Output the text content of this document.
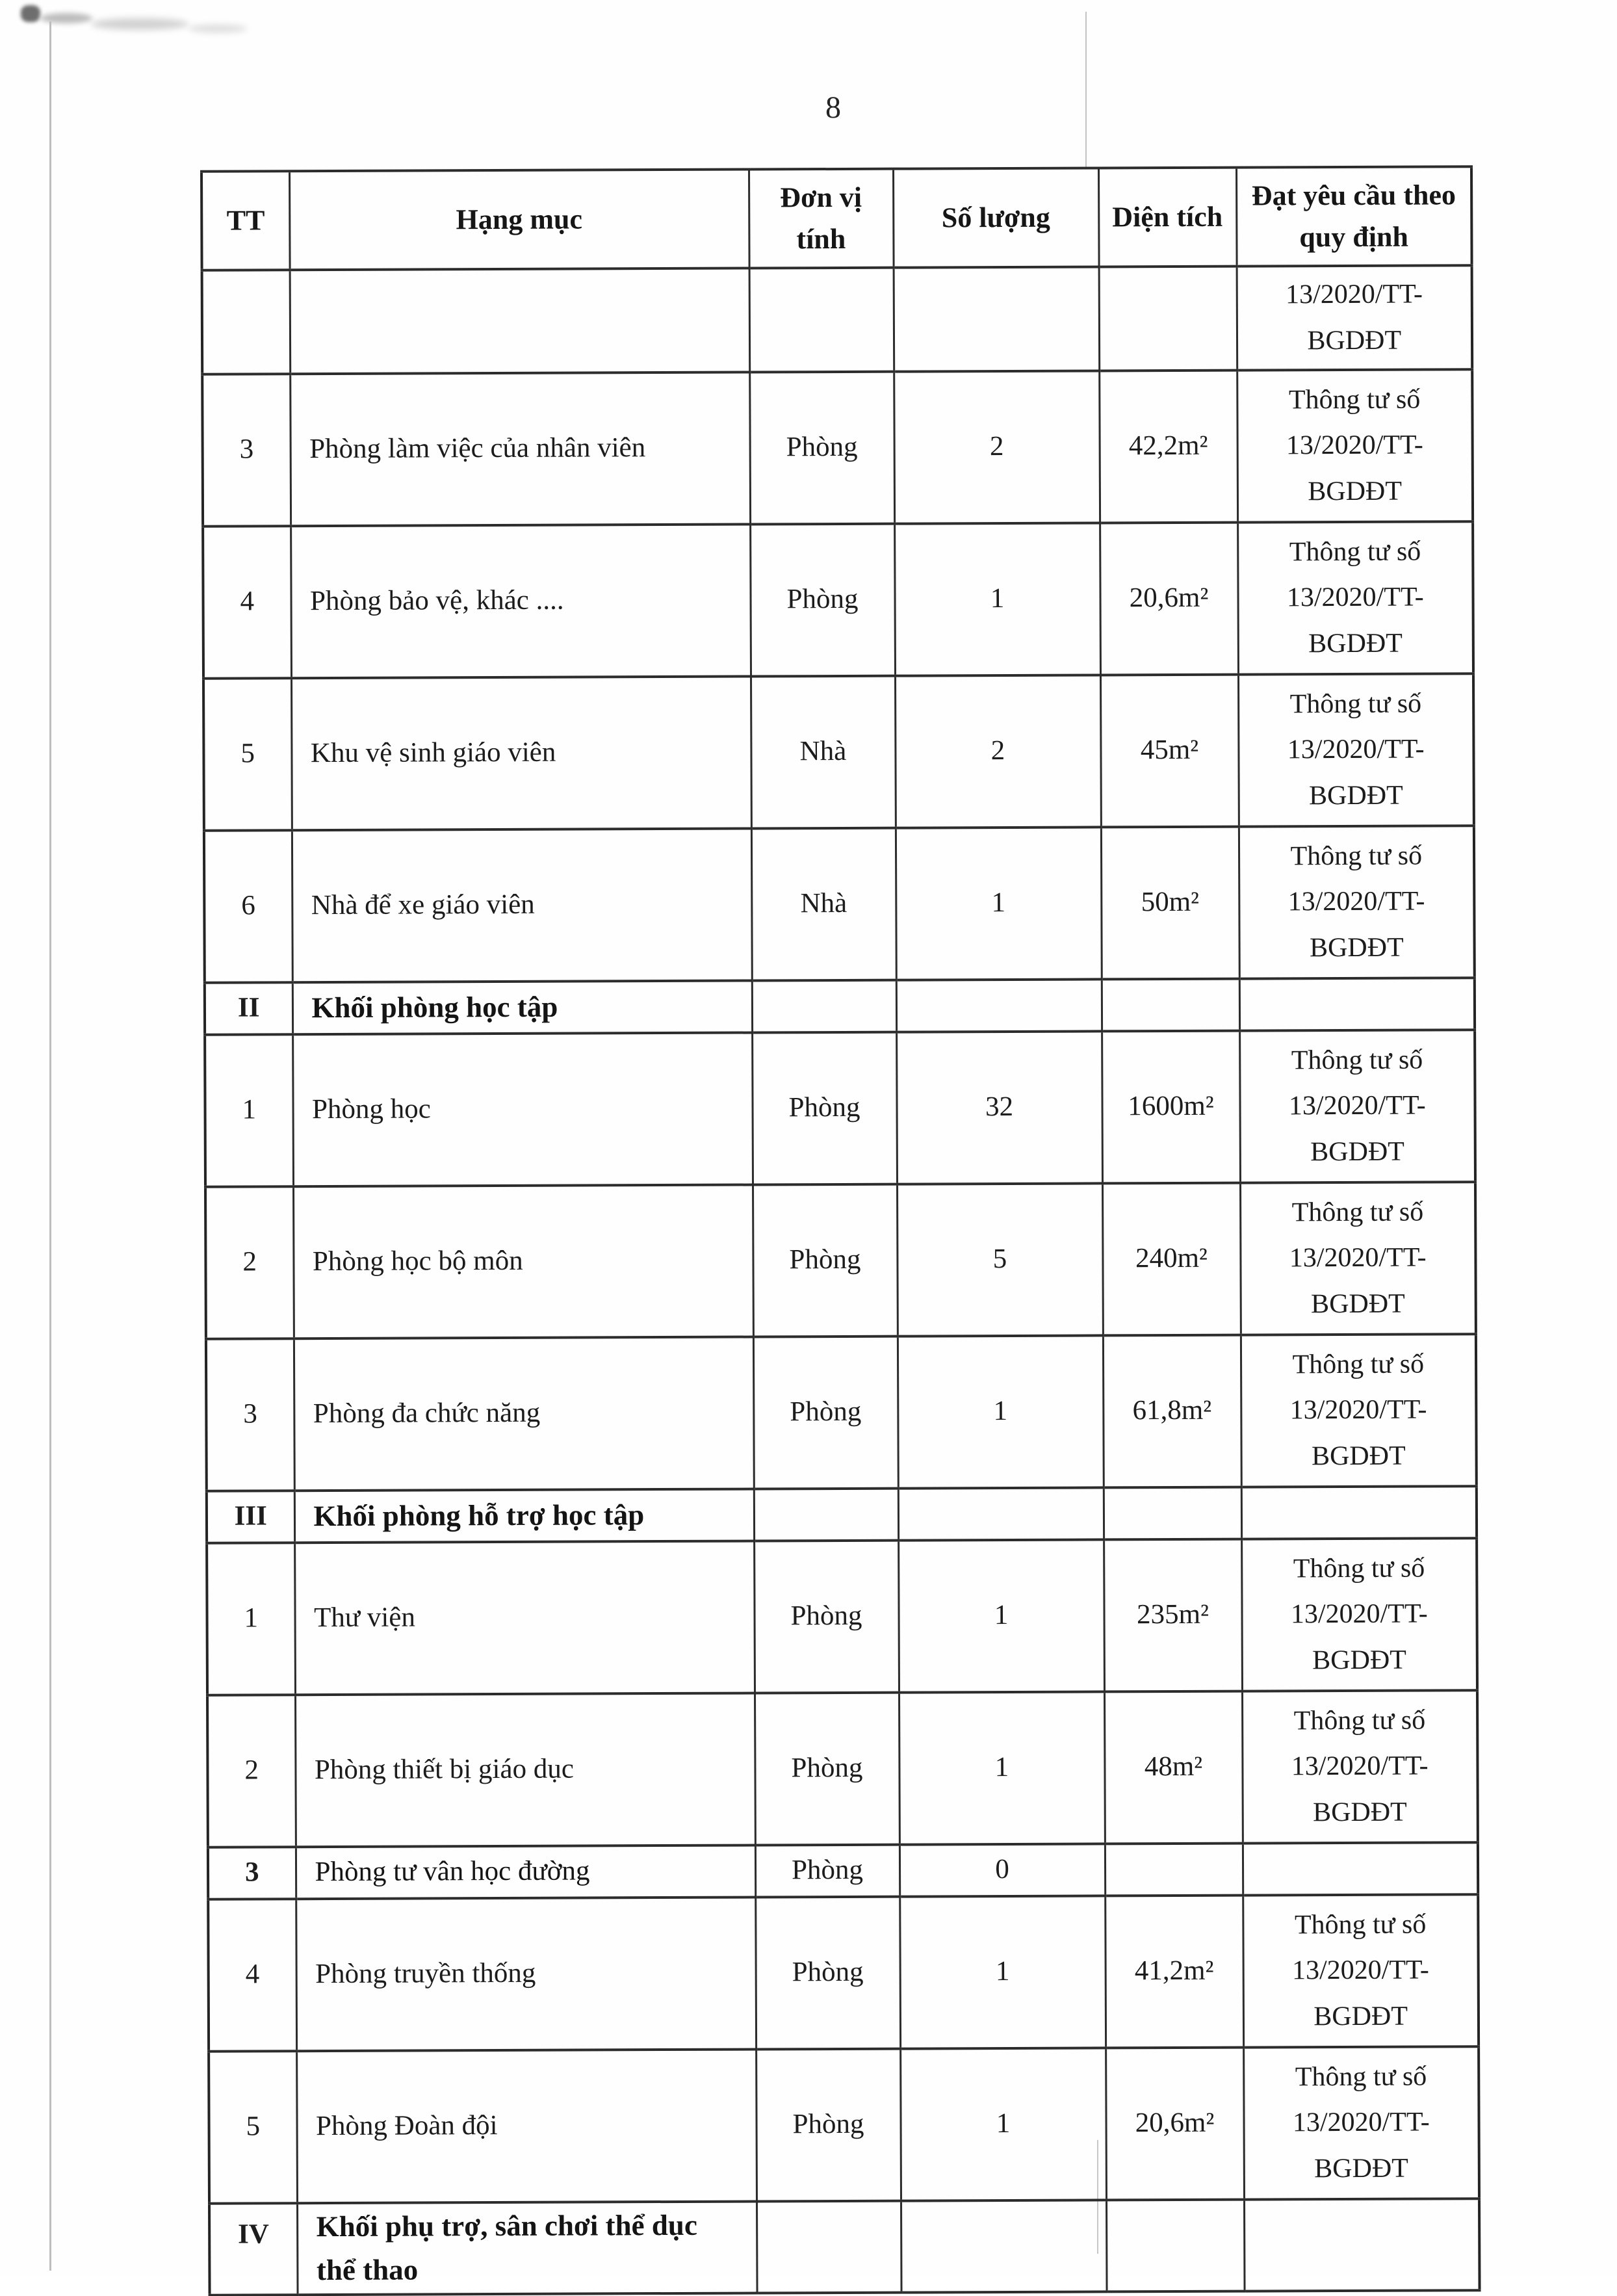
8
TT	Hạng mục	Đơn vị tính	Số lượng	Diện tích	Đạt yêu cầu theo quy định
					13/2020/TT-
BGDĐT
3	Phòng làm việc của nhân viên	Phòng	2	42,2m²	Thông tư số
13/2020/TT-
BGDĐT
4	Phòng bảo vệ, khác ....	Phòng	1	20,6m²	Thông tư số
13/2020/TT-
BGDĐT
5	Khu vệ sinh giáo viên	Nhà	2	45m²	Thông tư số
13/2020/TT-
BGDĐT
6	Nhà để xe giáo viên	Nhà	1	50m²	Thông tư số
13/2020/TT-
BGDĐT
II	Khối phòng học tập				
1	Phòng học	Phòng	32	1600m²	Thông tư số
13/2020/TT-
BGDĐT
2	Phòng học bộ môn	Phòng	5	240m²	Thông tư số
13/2020/TT-
BGDĐT
3	Phòng đa chức năng	Phòng	1	61,8m²	Thông tư số
13/2020/TT-
BGDĐT
III	Khối phòng hỗ trợ học tập				
1	Thư viện	Phòng	1	235m²	Thông tư số
13/2020/TT-
BGDĐT
2	Phòng thiết bị giáo dục	Phòng	1	48m²	Thông tư số
13/2020/TT-
BGDĐT
3	Phòng tư vân học đường	Phòng	0		
4	Phòng truyền thống	Phòng	1	41,2m²	Thông tư số
13/2020/TT-
BGDĐT
5	Phòng Đoàn đội	Phòng	1	20,6m²	Thông tư số
13/2020/TT-
BGDĐT
IV	Khối phụ trợ, sân chơi thể dục
thể thao				
